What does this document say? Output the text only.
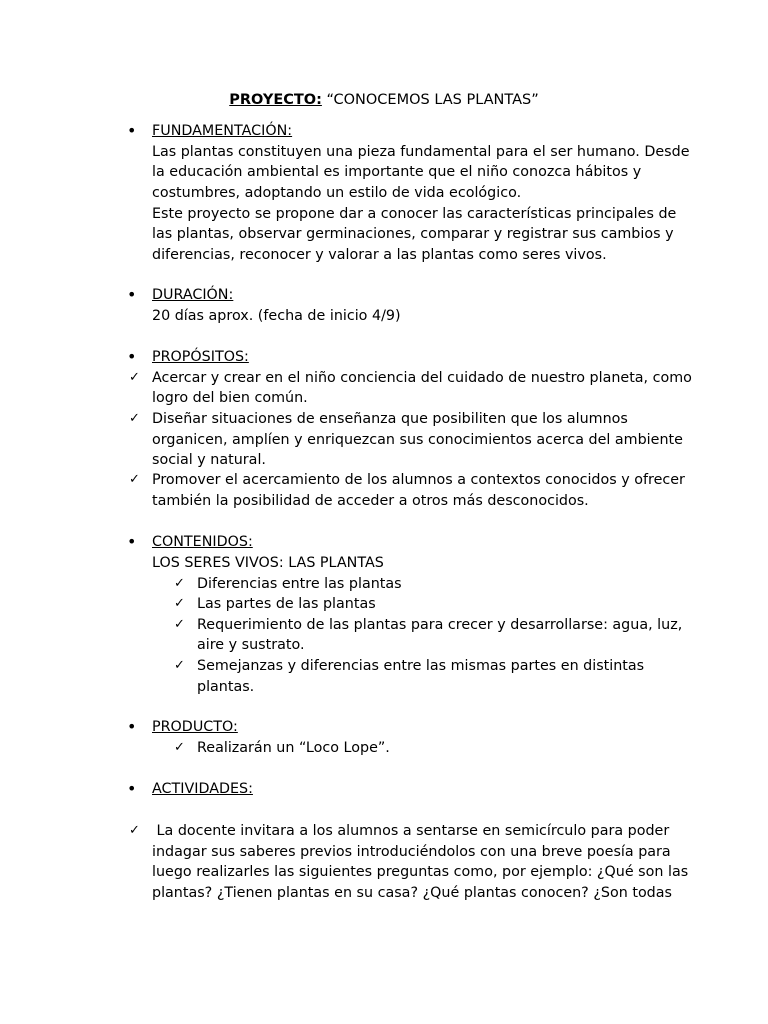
PROYECTO: “CONOCEMOS LAS PLANTAS”
• FUNDAMENTACIÓN:
Las plantas constituyen una pieza fundamental para el ser humano. Desde
la educación ambiental es importante que el niño conozca hábitos y
costumbres, adoptando un estilo de vida ecológico.
Este proyecto se propone dar a conocer las características principales de
las plantas, observar germinaciones, comparar y registrar sus cambios y
diferencias, reconocer y valorar a las plantas como seres vivos.
• DURACIÓN:
20 días aprox. (fecha de inicio 4/9)
• PROPÓSITOS:
✓ Acercar y crear en el niño conciencia del cuidado de nuestro planeta, como
logro del bien común.
✓ Diseñar situaciones de enseñanza que posibiliten que los alumnos
organicen, amplíen y enriquezcan sus conocimientos acerca del ambiente
social y natural.
✓ Promover el acercamiento de los alumnos a contextos conocidos y ofrecer
también la posibilidad de acceder a otros más desconocidos.
• CONTENIDOS:
LOS SERES VIVOS: LAS PLANTAS
✓ Diferencias entre las plantas
✓ Las partes de las plantas
✓ Requerimiento de las plantas para crecer y desarrollarse: agua, luz,
aire y sustrato.
✓ Semejanzas y diferencias entre las mismas partes en distintas
plantas.
• PRODUCTO:
✓ Realizarán un “Loco Lope”.
• ACTIVIDADES:
✓ La docente invitara a los alumnos a sentarse en semicírculo para poder
indagar sus saberes previos introduciéndolos con una breve poesía para
luego realizarles las siguientes preguntas como, por ejemplo: ¿Qué son las
plantas? ¿Tienen plantas en su casa? ¿Qué plantas conocen? ¿Son todas
